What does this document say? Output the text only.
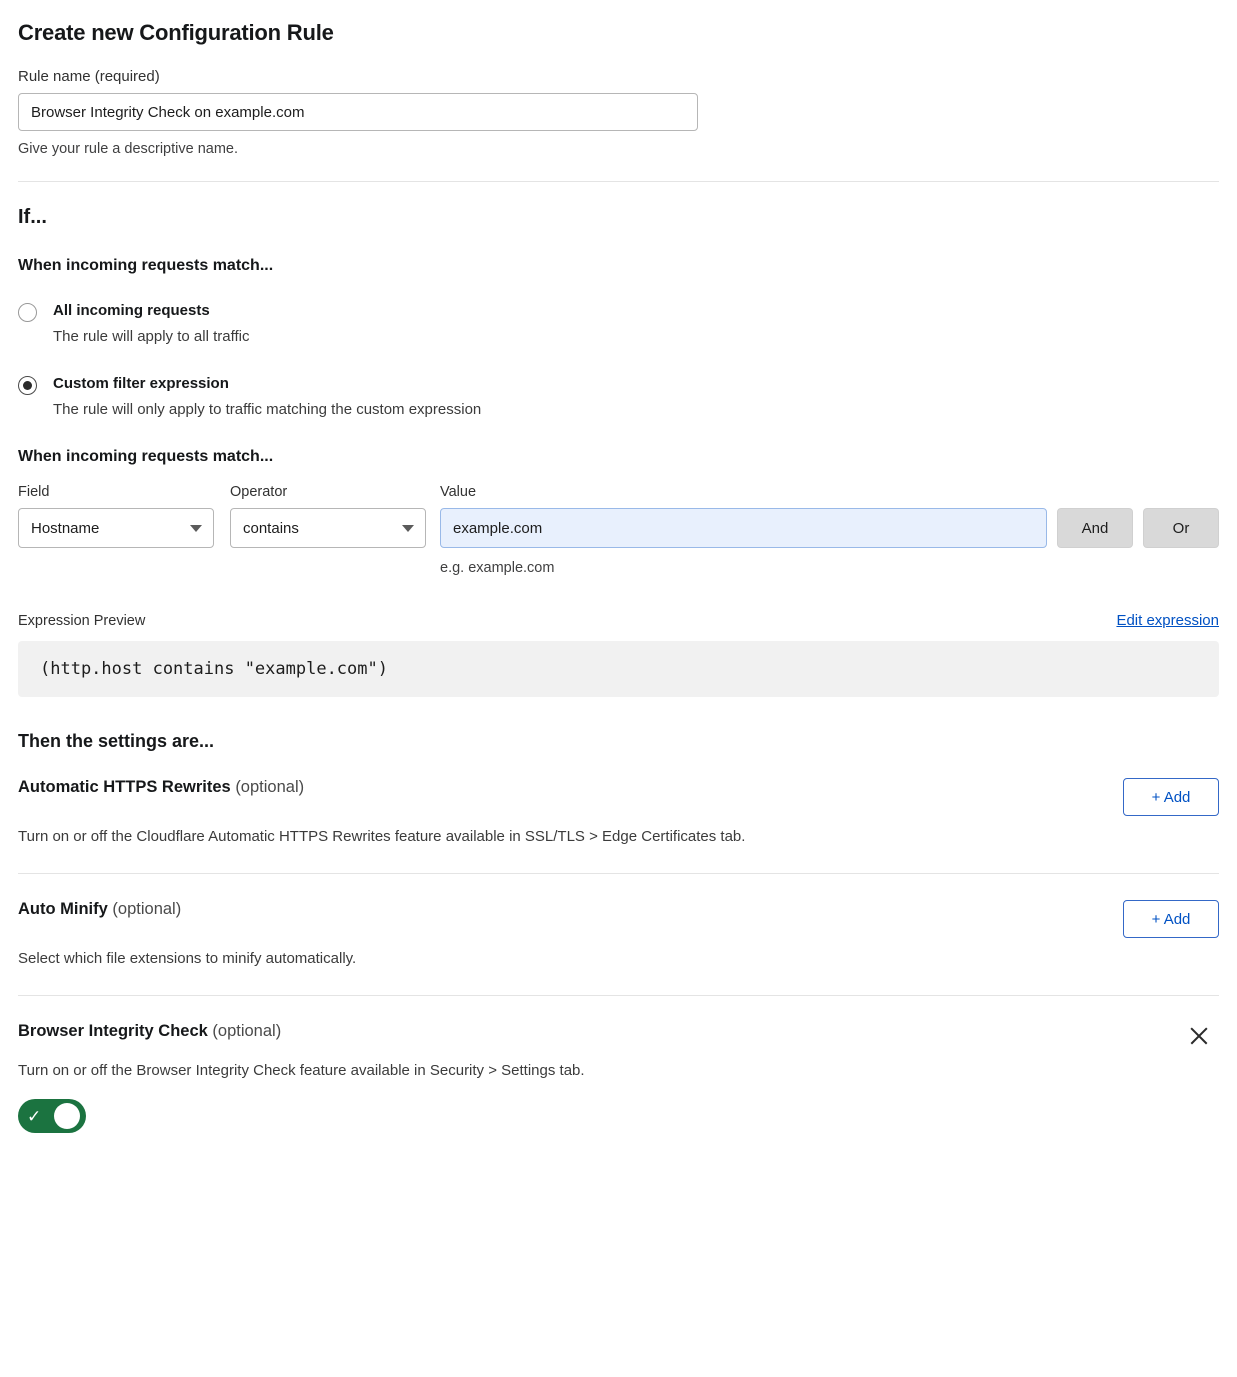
Create new Configuration Rule
Rule name (required)
Browser Integrity Check on example.com
Give your rule a descriptive name.
If...
When incoming requests match...
All incoming requests
The rule will apply to all traffic
Custom filter expression
The rule will only apply to traffic matching the custom expression
When incoming requests match...
Field	Operator	Value
Hostname	contains
example.com
e.g. example.com
And	Or
Expression Preview	Edit expression
(http.host contains "example.com")
Then the settings are...
Automatic HTTPS Rewrites (optional)
+ Add
Turn on or off the Cloudflare Automatic HTTPS Rewrites feature available in SSL/TLS > Edge Certificates tab.
Auto Minify (optional)
+ Add
Select which file extensions to minify automatically.
Browser Integrity Check (optional)
Turn on or off the Browser Integrity Check feature available in Security > Settings tab.
✓
